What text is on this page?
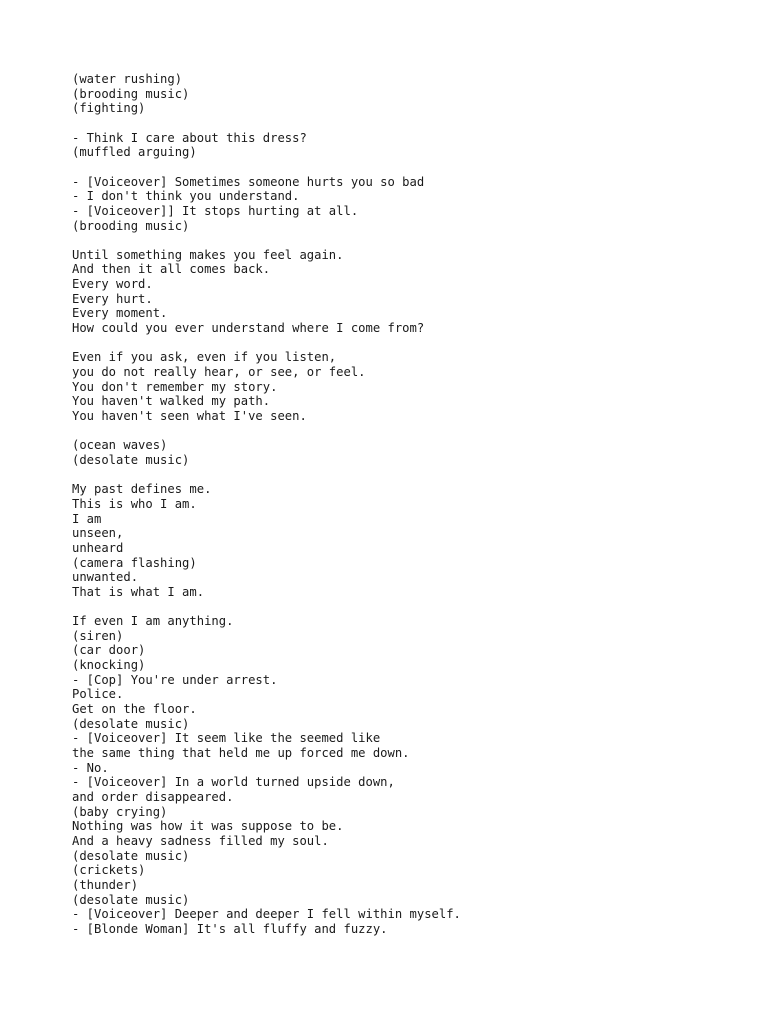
(water rushing)
(brooding music)
(fighting)
- Think I care about this dress?
(muffled arguing)
- [Voiceover] Sometimes someone hurts you so bad
- I don't think you understand.
- [Voiceover]] It stops hurting at all.
(brooding music)
Until something makes you feel again.
And then it all comes back.
Every word.
Every hurt.
Every moment.
How could you ever understand where I come from?
Even if you ask, even if you listen,
you do not really hear, or see, or feel.
You don't remember my story.
You haven't walked my path.
You haven't seen what I've seen.
(ocean waves)
(desolate music)
My past defines me.
This is who I am.
I am
unseen,
unheard
(camera flashing)
unwanted.
That is what I am.
If even I am anything.
(siren)
(car door)
(knocking)
- [Cop] You're under arrest.
Police.
Get on the floor.
(desolate music)
- [Voiceover] It seem like the seemed like
the same thing that held me up forced me down.
- No.
- [Voiceover] In a world turned upside down,
and order disappeared.
(baby crying)
Nothing was how it was suppose to be.
And a heavy sadness filled my soul.
(desolate music)
(crickets)
(thunder)
(desolate music)
- [Voiceover] Deeper and deeper I fell within myself.
- [Blonde Woman] It's all fluffy and fuzzy.
